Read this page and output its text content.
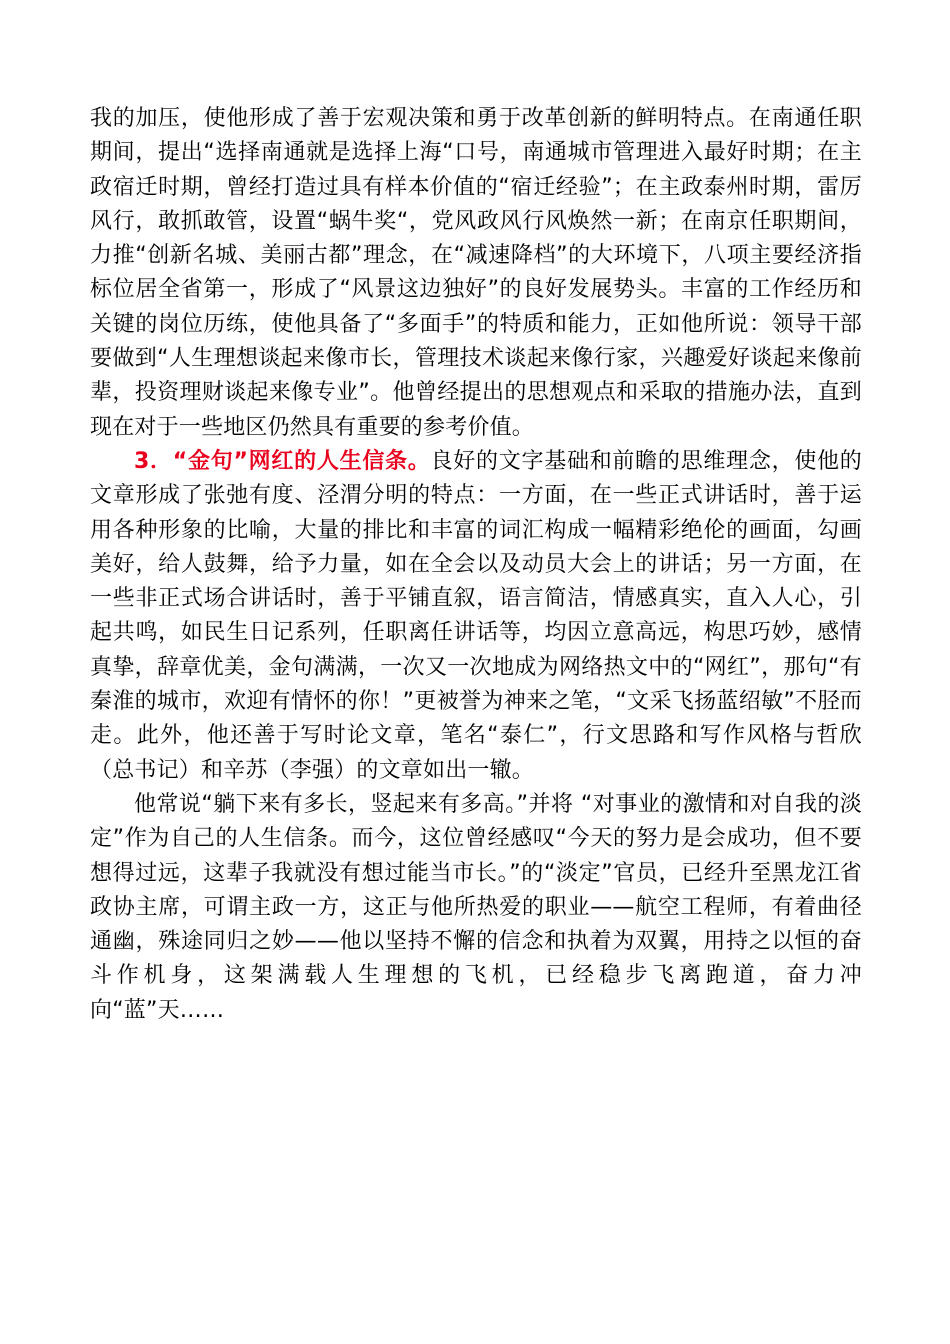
我的加压，使他形成了善于宏观决策和勇于改革创新的鲜明特点。在南通任职期间，提出“选择南通就是选择上海“口号，南通城市管理进入最好时期；在主政宿迁时期，曾经打造过具有样本价值的“宿迁经验”；在主政泰州时期，雷厉风行，敢抓敢管，设置“蜗牛奖“，党风政风行风焕然一新；在南京任职期间，力推“创新名城、美丽古都”理念，在“减速降档”的大环境下，八项主要经济指标位居全省第一，形成了“风景这边独好”的良好发展势头。丰富的工作经历和关键的岗位历练，使他具备了“多面手”的特质和能力，正如他所说：领导干部要做到“人生理想谈起来像市长，管理技术谈起来像行家，兴趣爱好谈起来像前辈，投资理财谈起来像专业”。他曾经提出的思想观点和采取的措施办法，直到现在对于一些地区仍然具有重要的参考价值。

3．“金句”网红的人生信条。良好的文字基础和前瞻的思维理念，使他的文章形成了张弛有度、泾渭分明的特点：一方面，在一些正式讲话时，善于运用各种形象的比喻，大量的排比和丰富的词汇构成一幅精彩绝伦的画面，勾画美好，给人鼓舞，给予力量，如在全会以及动员大会上的讲话；另一方面，在一些非正式场合讲话时，善于平铺直叙，语言简洁，情感真实，直入人心，引起共鸣，如民生日记系列，任职离任讲话等，均因立意高远，构思巧妙，感情真挚，辞章优美，金句满满，一次又一次地成为网络热文中的“网红”，那句“有秦淮的城市，欢迎有情怀的你！”更被誉为神来之笔，“文采飞扬蓝绍敏”不胫而走。此外，他还善于写时论文章，笔名“泰仁”，行文思路和写作风格与哲欣（总书记）和辛苏（李强）的文章如出一辙。

他常说“躺下来有多长，竖起来有多高。”并将 “对事业的激情和对自我的淡定”作为自己的人生信条。而今，这位曾经感叹“今天的努力是会成功，但不要想得过远，这辈子我就没有想过能当市长。”的“淡定”官员，已经升至黑龙江省政协主席，可谓主政一方，这正与他所热爱的职业——航空工程师，有着曲径通幽，殊途同归之妙——他以坚持不懈的信念和执着为双翼，用持之以恒的奋斗作机身，这架满载人生理想的飞机，已经稳步飞离跑道，奋力冲向“蓝”天……
